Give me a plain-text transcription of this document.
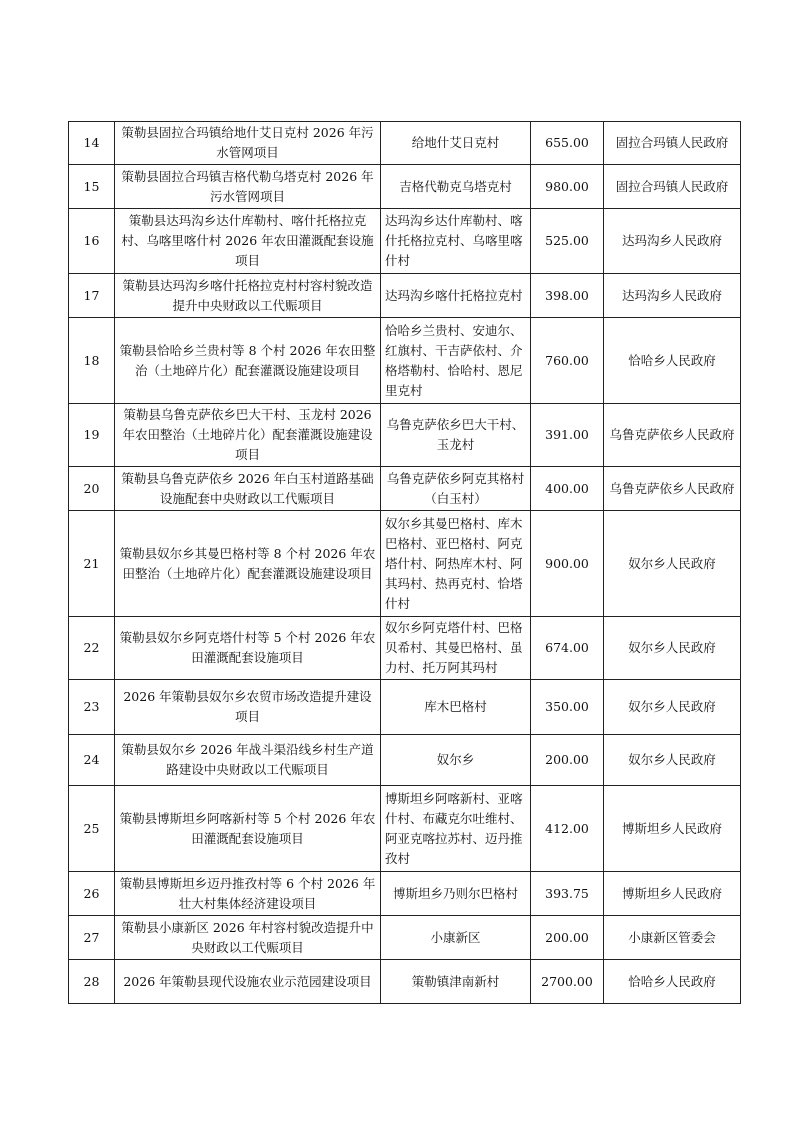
14	策勒县固拉合玛镇给地什艾日克村 2026 年污水管网项目	给地什艾日克村	655.00	固拉合玛镇人民政府
15	策勒县固拉合玛镇吉格代勒乌塔克村 2026 年污水管网项目	吉格代勒克乌塔克村	980.00	固拉合玛镇人民政府
16	策勒县达玛沟乡达什库勒村、喀什托格拉克村、乌喀里喀什村 2026 年农田灌溉配套设施项目	达玛沟乡达什库勒村、喀什托格拉克村、乌喀里喀什村	525.00	达玛沟乡人民政府
17	策勒县达玛沟乡喀什托格拉克村村容村貌改造提升中央财政以工代赈项目	达玛沟乡喀什托格拉克村	398.00	达玛沟乡人民政府
18	策勒县恰哈乡兰贵村等 8 个村 2026 年农田整治（土地碎片化）配套灌溉设施建设项目	恰哈乡兰贵村、安迪尔、红旗村、干吉萨依村、介格塔勒村、恰哈村、恩尼里克村	760.00	恰哈乡人民政府
19	策勒县乌鲁克萨依乡巴大干村、玉龙村 2026 年农田整治（土地碎片化）配套灌溉设施建设项目	乌鲁克萨依乡巴大干村、玉龙村	391.00	乌鲁克萨依乡人民政府
20	策勒县乌鲁克萨依乡 2026 年白玉村道路基础设施配套中央财政以工代赈项目	乌鲁克萨依乡阿克其格村（白玉村）	400.00	乌鲁克萨依乡人民政府
21	策勒县奴尔乡其曼巴格村等 8 个村 2026 年农田整治（土地碎片化）配套灌溉设施建设项目	奴尔乡其曼巴格村、库木巴格村、亚巴格村、阿克塔什村、阿热库木村、阿其玛村、热再克村、恰塔什村	900.00	奴尔乡人民政府
22	策勒县奴尔乡阿克塔什村等 5 个村 2026 年农田灌溉配套设施项目	奴尔乡阿克塔什村、巴格贝希村、其曼巴格村、虽力村、托万阿其玛村	674.00	奴尔乡人民政府
23	2026 年策勒县奴尔乡农贸市场改造提升建设项目	库木巴格村	350.00	奴尔乡人民政府
24	策勒县奴尔乡 2026 年战斗渠沿线乡村生产道路建设中央财政以工代赈项目	奴尔乡	200.00	奴尔乡人民政府
25	策勒县博斯坦乡阿喀新村等 5 个村 2026 年农田灌溉配套设施项目	博斯坦乡阿喀新村、亚喀什村、布藏克尔吐维村、阿亚克喀拉苏村、迈丹推孜村	412.00	博斯坦乡人民政府
26	策勒县博斯坦乡迈丹推孜村等 6 个村 2026 年壮大村集体经济建设项目	博斯坦乡乃则尔巴格村	393.75	博斯坦乡人民政府
27	策勒县小康新区 2026 年村容村貌改造提升中央财政以工代赈项目	小康新区	200.00	小康新区管委会
28	2026 年策勒县现代设施农业示范园建设项目	策勒镇津南新村	2700.00	恰哈乡人民政府
